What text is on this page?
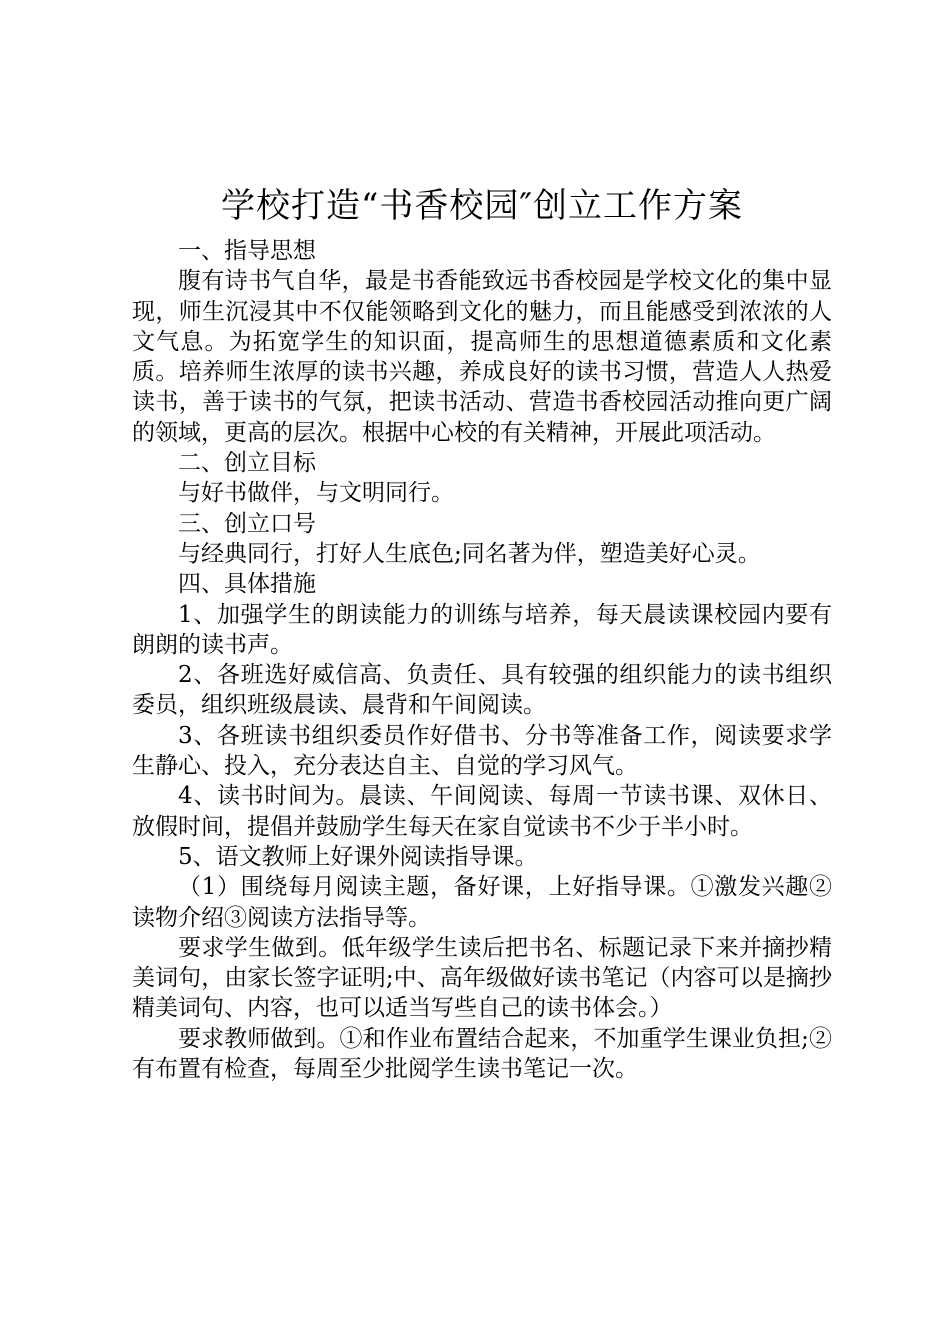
学校打造“书香校园″创立工作方案

一、指导思想

腹有诗书气自华，最是书香能致远书香校园是学校文化的集中显现，师生沉浸其中不仅能领略到文化的魅力，而且能感受到浓浓的人文气息。为拓宽学生的知识面，提高师生的思想道德素质和文化素质。培养师生浓厚的读书兴趣，养成良好的读书习惯，营造人人热爱读书，善于读书的气氛，把读书活动、营造书香校园活动推向更广阔的领域，更高的层次。根据中心校的有关精神，开展此项活动。

二、创立目标

与好书做伴，与文明同行。

三、创立口号

与经典同行，打好人生底色;同名著为伴，塑造美好心灵。

四、具体措施

1、加强学生的朗读能力的训练与培养，每天晨读课校园内要有朗朗的读书声。

2、各班选好威信高、负责任、具有较强的组织能力的读书组织委员，组织班级晨读、晨背和午间阅读。

3、各班读书组织委员作好借书、分书等准备工作，阅读要求学生静心、投入，充分表达自主、自觉的学习风气。

4、读书时间为。晨读、午间阅读、每周一节读书课、双休日、放假时间，提倡并鼓励学生每天在家自觉读书不少于半小时。

5、语文教师上好课外阅读指导课。

（1）围绕每月阅读主题，备好课，上好指导课。①激发兴趣②读物介绍③阅读方法指导等。

要求学生做到。低年级学生读后把书名、标题记录下来并摘抄精美词句，由家长签字证明;中、高年级做好读书笔记（内容可以是摘抄精美词句、内容，也可以适当写些自己的读书体会。）

要求教师做到。①和作业布置结合起来，不加重学生课业负担;②有布置有检查，每周至少批阅学生读书笔记一次。
